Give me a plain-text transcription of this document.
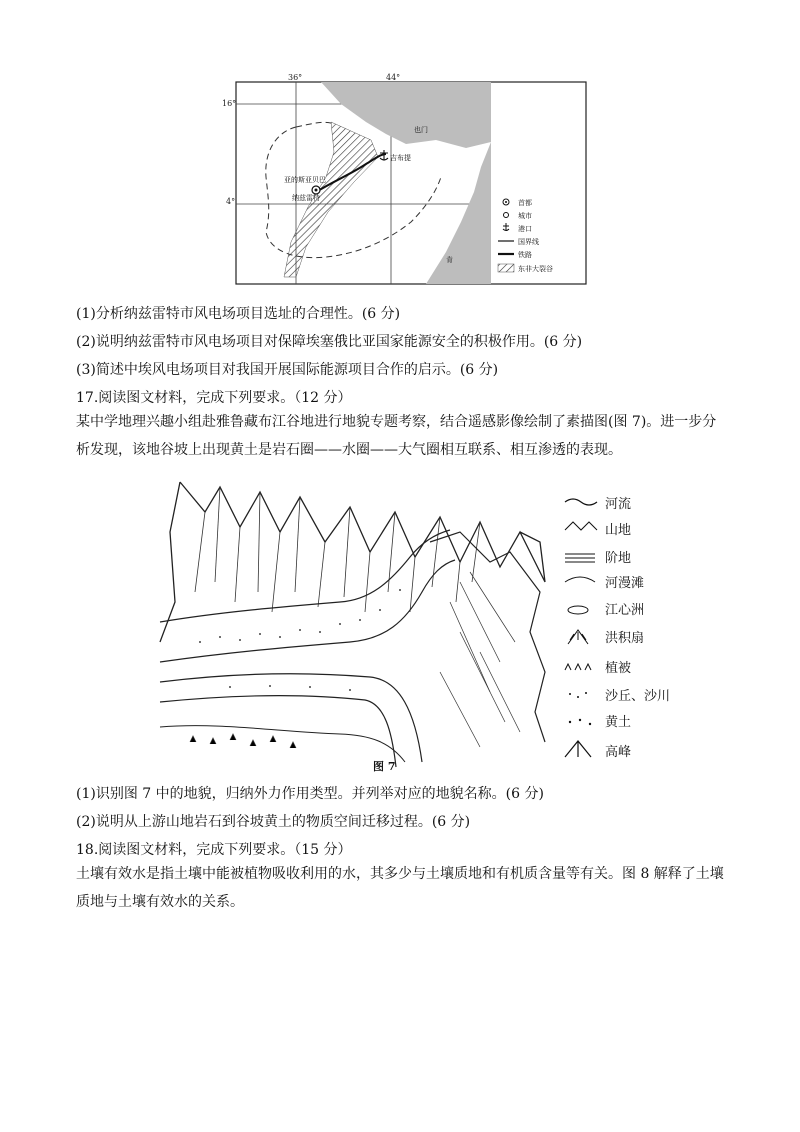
36°	44°
16°
4°
也门
吉布提
亚的斯亚贝巴
纳兹雷特
肯
首都
城市
港口
国界线
铁路
东非大裂谷
(1)分析纳兹雷特市风电场项目选址的合理性。(6 分)
(2)说明纳兹雷特市风电场项目对保障埃塞俄比亚国家能源安全的积极作用。(6 分)
(3)简述中埃风电场项目对我国开展国际能源项目合作的启示。(6 分)
17.阅读图文材料，完成下列要求。（12 分）
某中学地理兴趣小组赴雅鲁藏布江谷地进行地貌专题考察，结合遥感影像绘制了素描图(图 7)。进一步分析发现，该地谷坡上出现黄土是岩石圈——水圈——大气圈相互联系、相互渗透的表现。
河流
山地
阶地
河漫滩
江心洲
洪积扇
植被
沙丘、沙川
黄土
高峰
图 7
(1)识别图 7 中的地貌，归纳外力作用类型。并列举对应的地貌名称。(6 分)
(2)说明从上游山地岩石到谷坡黄土的物质空间迁移过程。(6 分)
18.阅读图文材料，完成下列要求。（15 分）
土壤有效水是指土壤中能被植物吸收利用的水，其多少与土壤质地和有机质含量等有关。图 8 解释了土壤质地与土壤有效水的关系。
